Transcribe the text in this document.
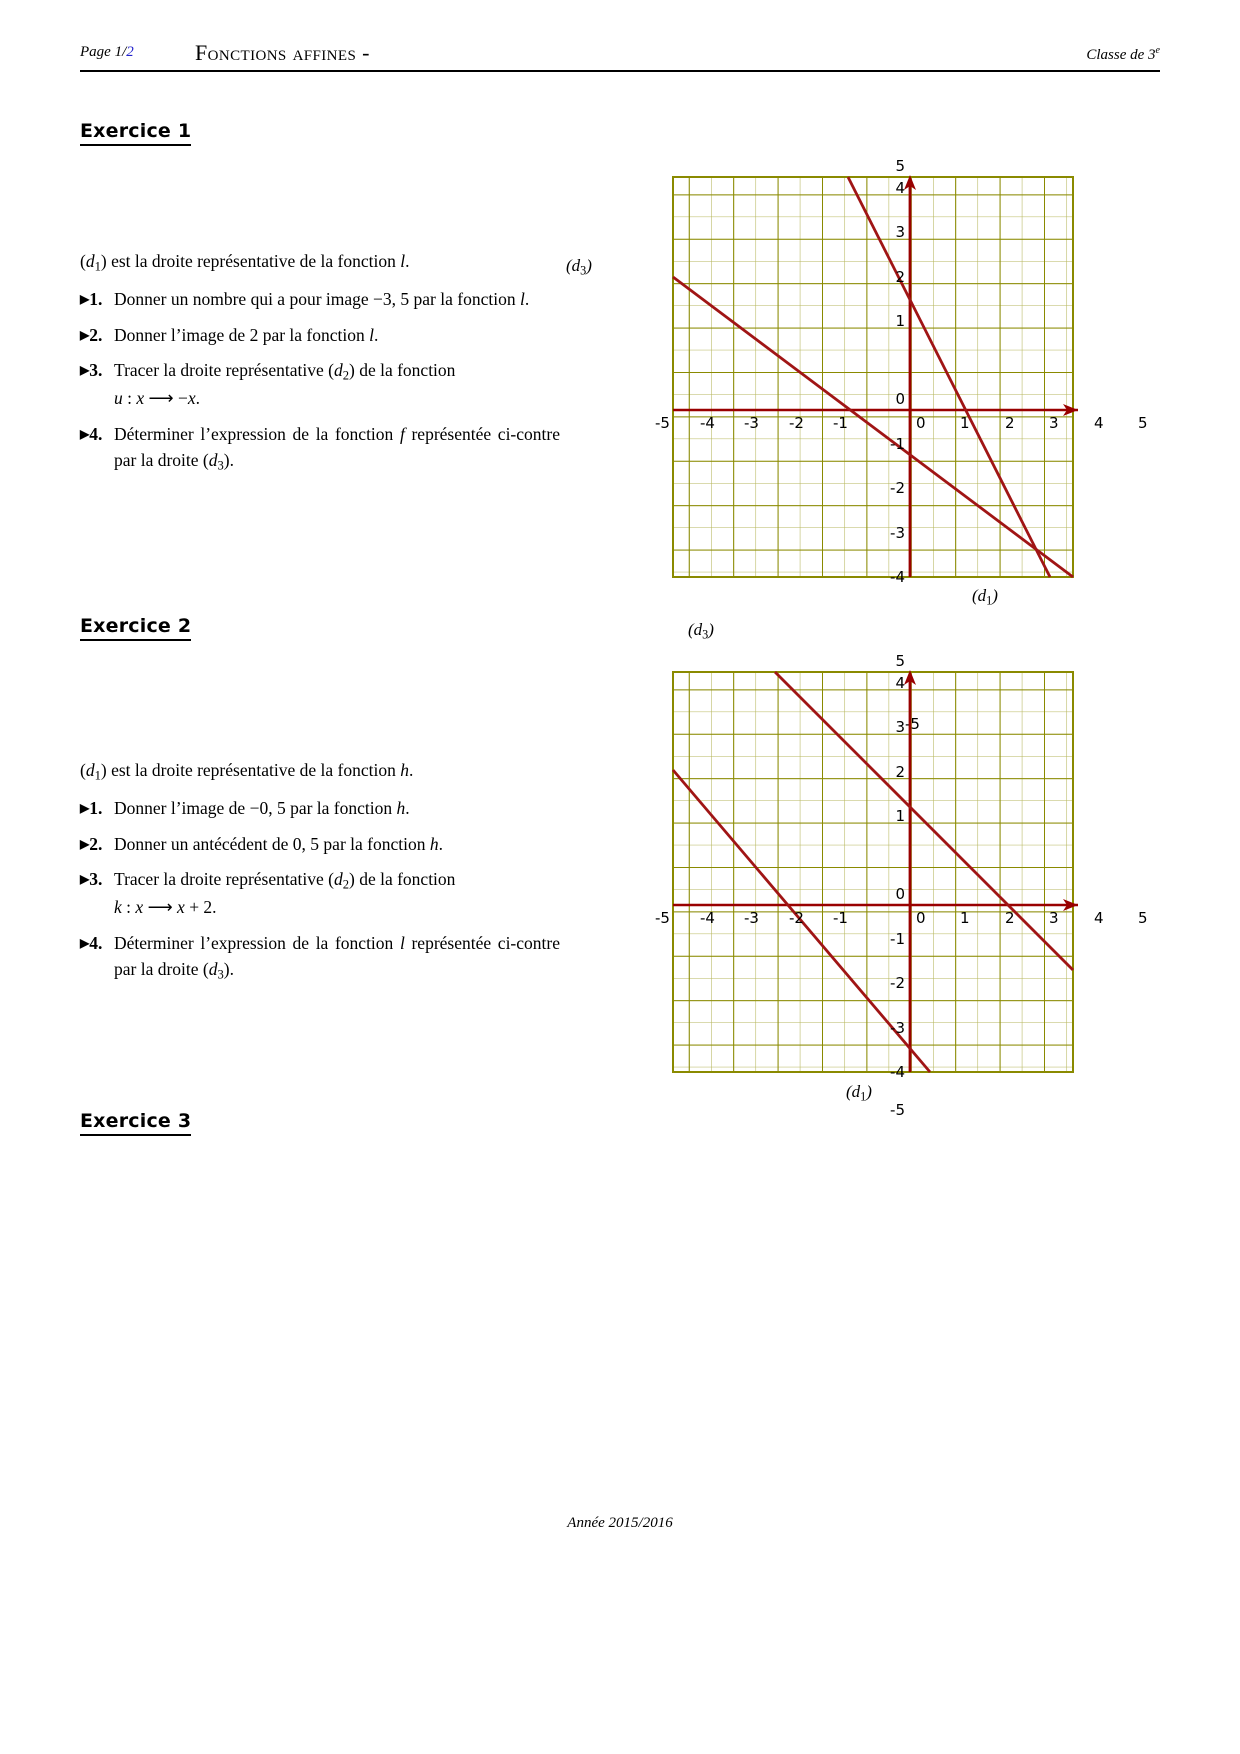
Page 1/2	Fonctions affines -	Classe de 3e
Exercice 1
$(d_1)$ est la droite représentative de la fonction l.
▶1. Donner un nombre qui a pour image −3, 5 par la fonction l.
▶2. Donner l’image de 2 par la fonction l.
▶3. Tracer la droite représentative $(d_2)$ de la fonction
u : x ⟶ −x.
▶4. Déterminer l’expression de la fonction f représentée ci-contre par la droite $(d_3)$.
-5 -4 -3 -2 -1	0 1 2 3 4 5
5
4
3
2
1
0
-1
-2
-3
-4
$(d_3)$
$(d_1)$
Exercice 2
$(d_1)$ est la droite représentative de la fonction h.
▶1. Donner l’image de −0, 5 par la fonction h.
▶2. Donner un antécédent de 0, 5 par la fonction h.
▶3. Tracer la droite représentative $(d_2)$ de la fonction
k : x ⟶ x + 2.
▶4. Déterminer l’expression de la fonction l représentée ci-contre par la droite $(d_3)$.
-5 -4 -3 -2 -1	0 1 2 3 4 5
5
4
3
2
1
0
-1
-2
-3
-4
-5
$(d_3)$
$(d_1)$
Exercice 3
Année 2015/2016
